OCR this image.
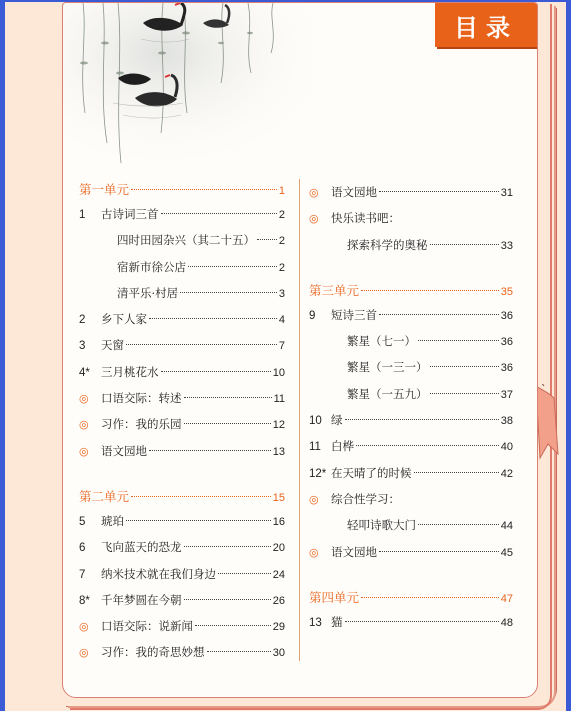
目录
第一单元	1
1	古诗词三首	2
四时田园杂兴（其二十五） 2
宿新市徐公店	2
清平乐·村居	3
2	乡下人家	4
3	天窗	7
4* 三月桃花水	10
◎	口语交际：转述	11
◎	习作：我的乐园	12
◎	语文园地	13
第二单元	15
5	琥珀	16
6	飞向蓝天的恐龙	20
7	纳米技术就在我们身边	24
8* 千年梦圆在今朝	26
◎	口语交际：说新闻	29
◎	习作：我的奇思妙想	30
◎	语文园地	31
◎	快乐读书吧：
探索科学的奥秘	33
第三单元	35
9	短诗三首	36
繁星（七一）	36
繁星（一三一）	36
繁星（一五九）	37
10 绿	38
11 白桦	40
12* 在天晴了的时候	42
◎	综合性学习：
轻叩诗歌大门	44
◎	语文园地	45
第四单元	47
13 猫	48
